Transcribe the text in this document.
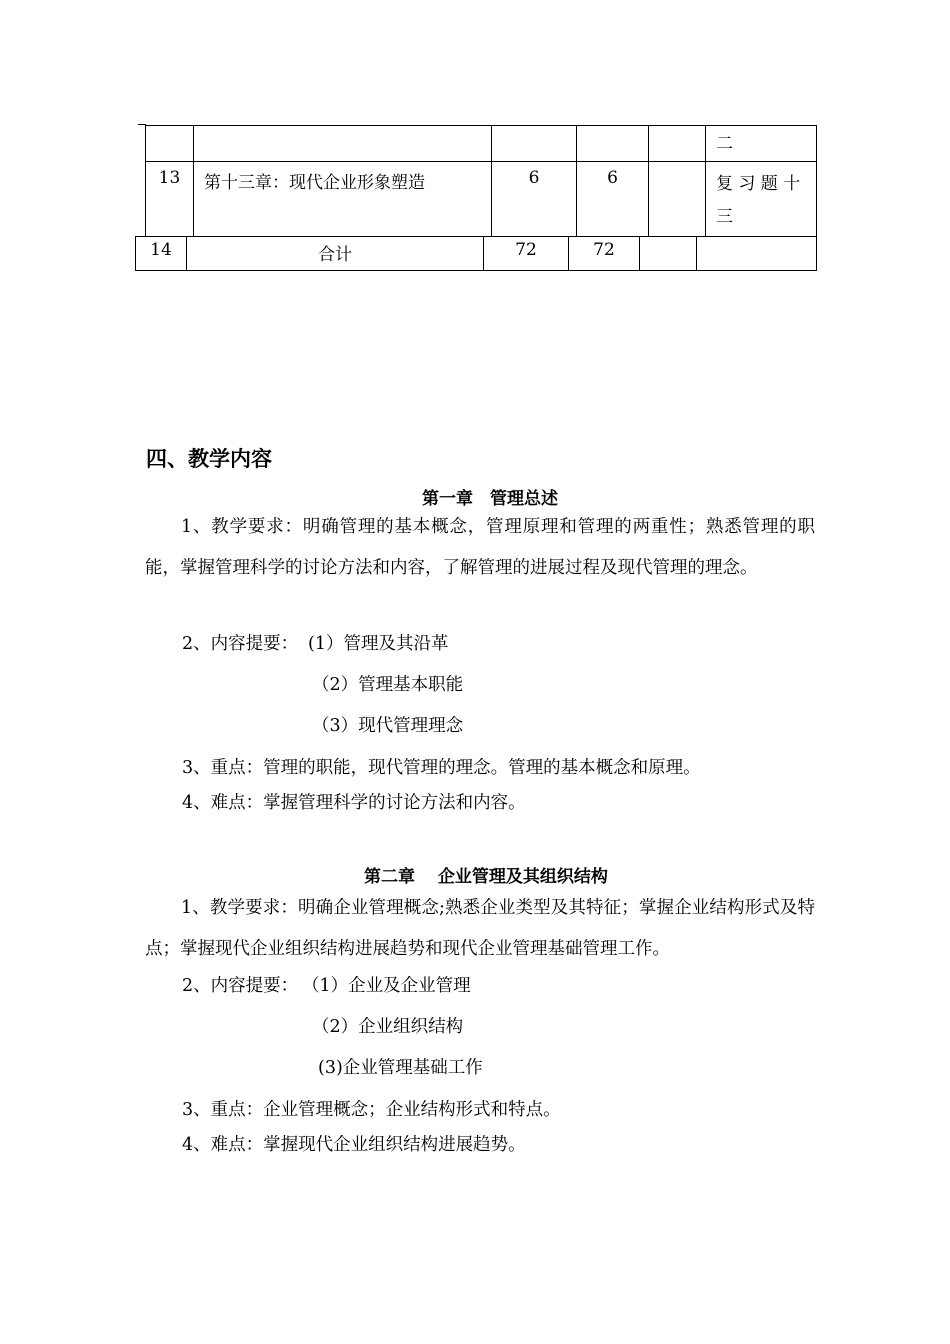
					二
13	第十三章：现代企业形象塑造	6	6		复 习 题 十 三
14	合计	72	72		
四、教学内容
第一章　管理总述
1、教学要求：明确管理的基本概念，管理原理和管理的两重性；熟悉管理的职能，掌握管理科学的讨论方法和内容，了解管理的进展过程及现代管理的理念。
2、内容提要： (1）管理及其沿革
（2）管理基本职能
（3）现代管理理念
3、重点：管理的职能，现代管理的理念。管理的基本概念和原理。
4、难点：掌握管理科学的讨论方法和内容。
第二章　 企业管理及其组织结构
1、教学要求：明确企业管理概念;熟悉企业类型及其特征；掌握企业结构形式及特点；掌握现代企业组织结构进展趋势和现代企业管理基础管理工作。
2、内容提要： （1）企业及企业管理
（2）企业组织结构
(3)企业管理基础工作
3、重点：企业管理概念；企业结构形式和特点。
4、难点：掌握现代企业组织结构进展趋势。
